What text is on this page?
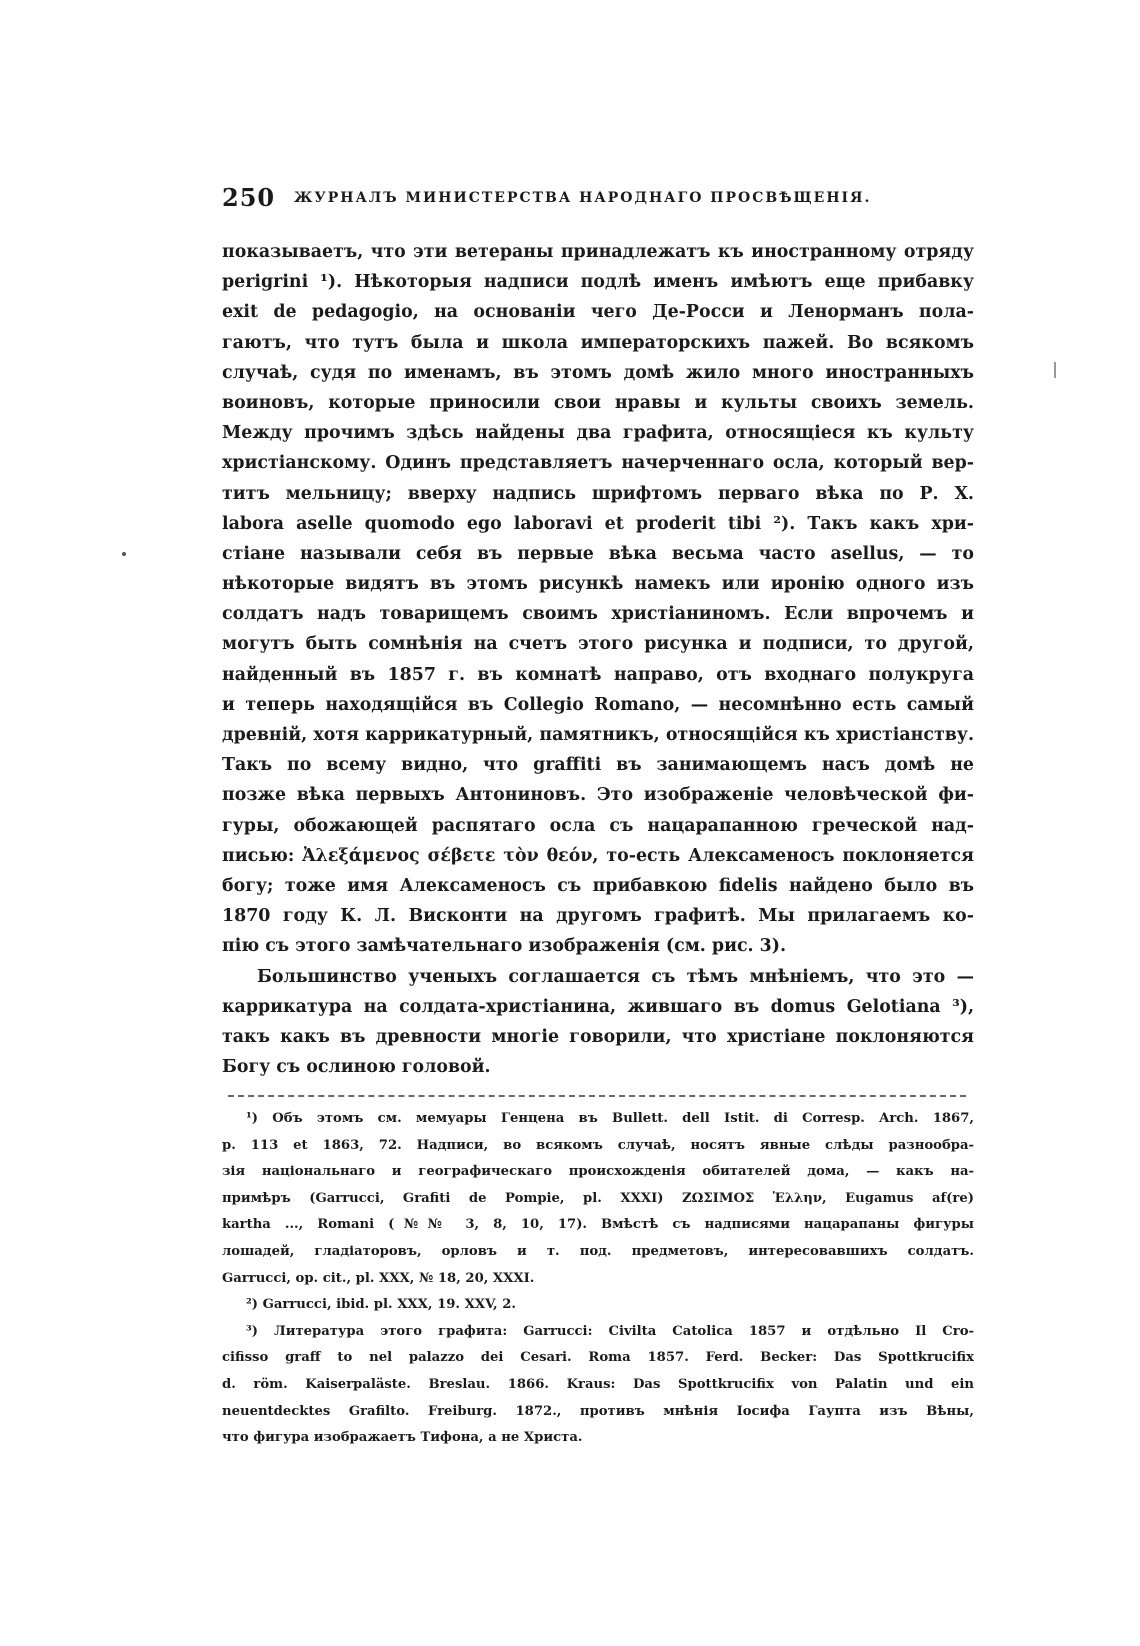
250 ЖУРНАЛЪ МИНИСТЕРСТВА НАРОДНАГО ПРОСВѢЩЕНІЯ.
показываетъ, что эти ветераны принадлежатъ къ иностранному отряду
perigrini ¹). Нѣкоторыя надписи подлѣ именъ имѣютъ еще прибавку
exit de pedagogio, на основаніи чего Де-Росси и Ленорманъ пола-
гаютъ, что тутъ была и школа императорскихъ пажей. Во всякомъ
случаѣ, судя по именамъ, въ этомъ домѣ жило много иностранныхъ
воиновъ, которые приносили свои нравы и культы своихъ земель.
Между прочимъ здѣсь найдены два графита, относящіеся къ культу
христіанскому. Одинъ представляетъ начерченнаго осла, который вер-
титъ мельницу; вверху надпись шрифтомъ перваго вѣка по Р. Х.
labora aselle quomodo ego laboravi et proderit tibi ²). Такъ какъ хри-
стіане называли себя въ первые вѣка весьма часто asellus, — то
нѣкоторые видятъ въ этомъ рисункѣ намекъ или иронію одного изъ
солдатъ надъ товарищемъ своимъ христіаниномъ. Если впрочемъ и
могутъ быть сомнѣнія на счетъ этого рисунка и подписи, то другой,
найденный въ 1857 г. въ комнатѣ направо, отъ входнаго полукруга
и теперь находящійся въ Collegio Romano, — несомнѣнно есть самый
древній, хотя каррикатурный, памятникъ, относящійся къ христіанству.
Такъ по всему видно, что graffiti въ занимающемъ насъ домѣ не
позже вѣка первыхъ Антониновъ. Это изображеніе человѣческой фи-
гуры, обожающей распятаго осла съ нацарапанною греческой над-
писью: Ἀλεξάμενος σέβετε τὸν θεόν, то-есть Алексаменосъ поклоняется
богу; тоже имя Алексаменосъ съ прибавкою fidelis найдено было въ
1870 году К. Л. Висконти на другомъ графитѣ. Мы прилагаемъ ко-
пію съ этого замѣчательнаго изображенія (см. рис. 3).
Большинство ученыхъ соглашается съ тѣмъ мнѣніемъ, что это —
каррикатура на солдата-христіанина, жившаго въ domus Gelotiana ³),
такъ какъ въ древности многіе говорили, что христіане поклоняются
Богу съ ослиною головой.
¹) Объ этомъ см. мемуары Генцена въ Bullett. dell Istit. di Corresp. Arch. 1867,
p. 113 et 1863, 72. Надписи, во всякомъ случаѣ, носятъ явные слѣды разнообра-
зія національнаго и географическаго происхожденія обитателей дома, — какъ на-
примѣръ (Garrucci, Grafiti de Pompie, pl. XXXI) ΖΩΣΙΜΟΣ Ἑλλην, Eugamus af(re)
kartha ..., Romani (№№ 3, 8, 10, 17). Вмѣстѣ съ надписями нацарапаны фигуры
лошадей, гладіаторовъ, орловъ и т. под. предметовъ, интересовавшихъ солдатъ.
Garrucci, op. cit., pl. XXX, № 18, 20, XXXI.
²) Garrucci, ibid. pl. XXX, 19. XXV, 2.
³) Литература этого графита: Garrucci: Civilta Catolica 1857 и отдѣльно Il Cro-
cifisso graff to nel palazzo dei Cesari. Roma 1857. Ferd. Becker: Das Spottkrucifix
d. röm. Kaiserpaläste. Breslau. 1866. Kraus: Das Spottkrucifix von Palatin und ein
neuentdecktes Grafilto. Freiburg. 1872., противъ мнѣнія Іосифа Гаупта изъ Вѣны,
что фигура изображаетъ Тифона, а не Христа.
